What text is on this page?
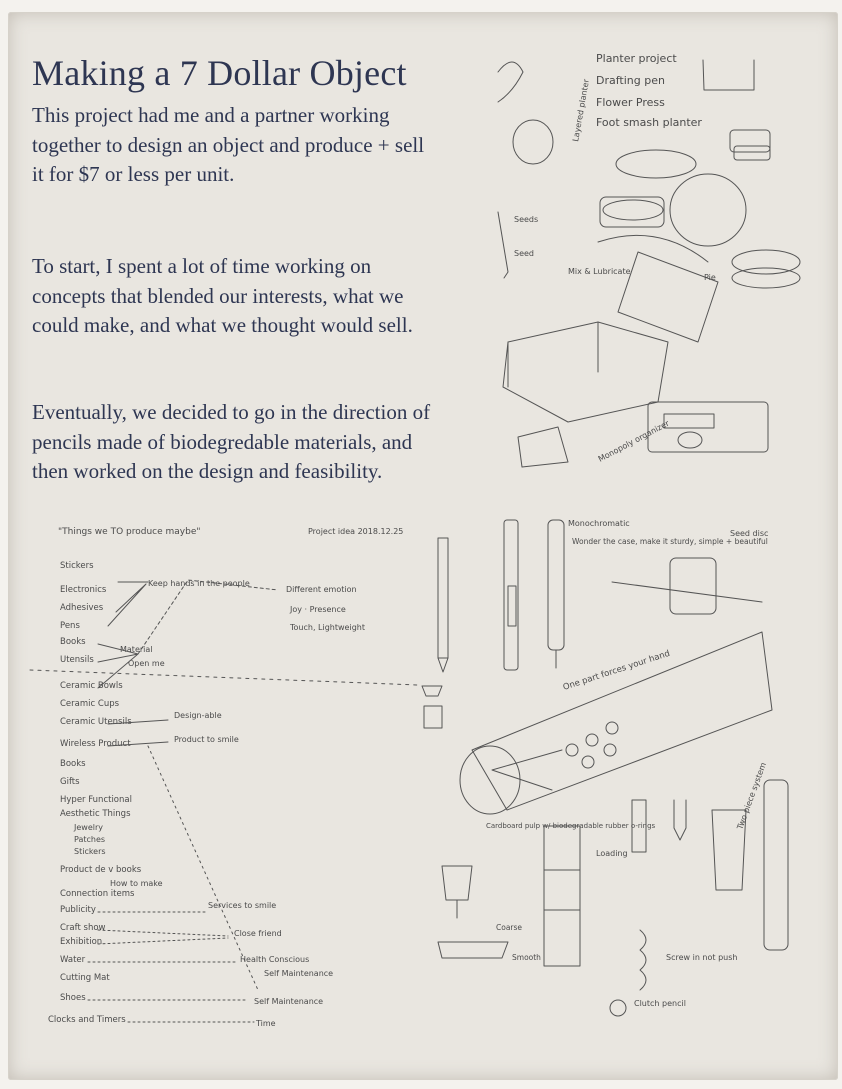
Making a 7 Dollar Object

This project had me and a partner working together to design an object and produce + sell it for $7 or less per unit.

To start, I spent a lot of time working on concepts that blended our interests, what we could make, and what we thought would sell.

Eventually, we decided to go in the direction of pencils made of biodegredable materials, and then worked on the design and feasibility.

Planter project
Drafting pen
Flower Press
Foot smash planter
Seeds
Seed
Layered planter
Mix & Lubricate
Pie
Monopoly organizer
"Things we TO produce maybe"	Project idea 2018.12.25
Stickers
Electronics
Adhesives
Pens
Books
Utensils
Ceramic Bowls
Ceramic Cups
Ceramic Utensils
Wireless Product
Books
Gifts
Hyper Functional
Aesthetic Things
Jewelry
Patches
Stickers
Product de v books
Connection items
Publicity
Craft show
Exhibition
Water
Cutting Mat
Shoes
Clocks and Timers
Keep hands in the people
Different emotion
Joy · Presence
Touch, Lightweight
Material
Open me
Design-able
Product to smile
How to make
Services to smile
Close friend
Health Conscious
Self Maintenance
Self Maintenance
Time
Monochromatic
Wonder the case, make it sturdy, simple + beautiful
Seed disc
One part forces your hand
Two piece system
Loading
Cardboard pulp w/ biodegradable rubber o-rings
Coarse
Smooth	Screw in not push
Clutch pencil
